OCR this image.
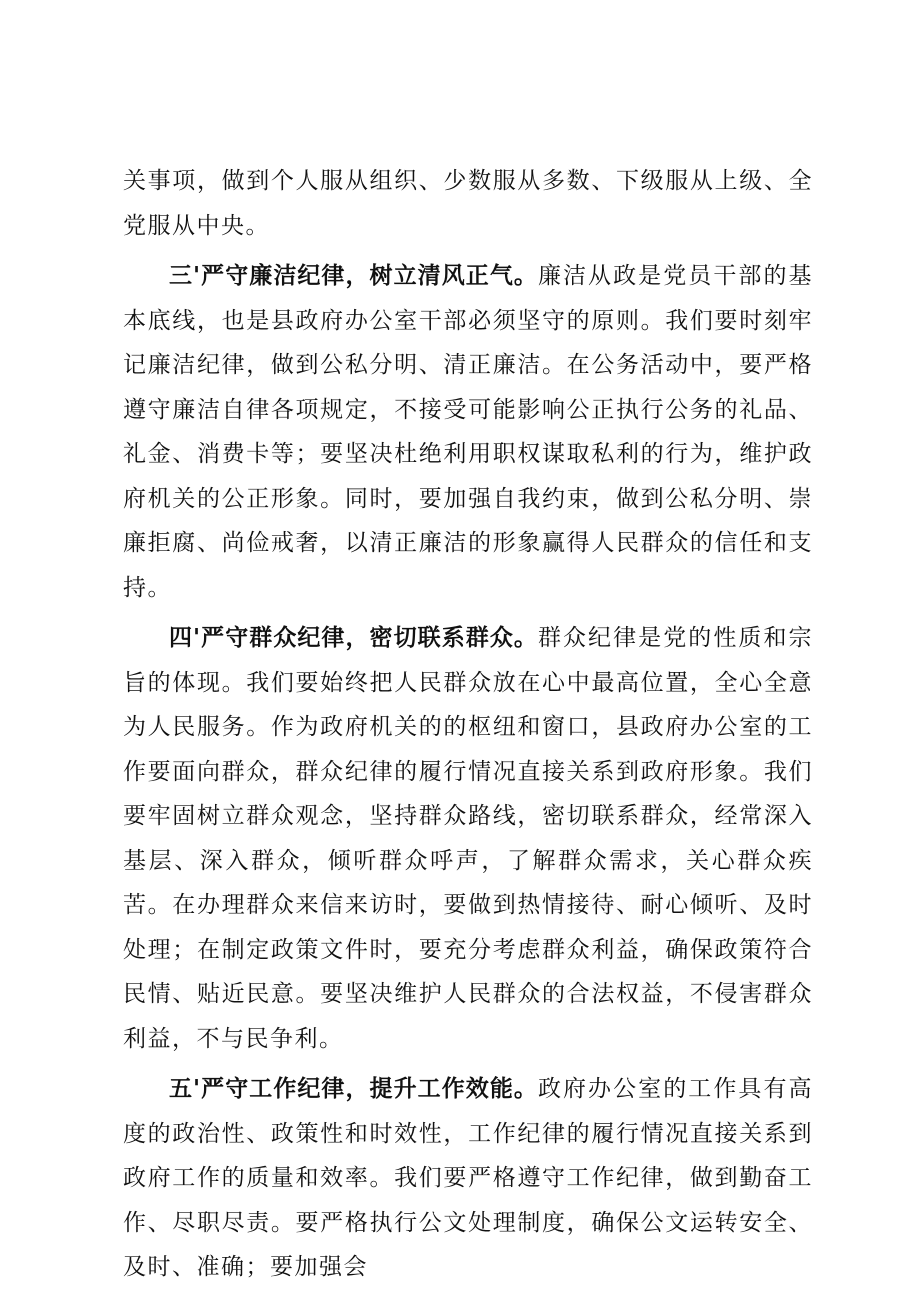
关事项，做到个人服从组织、少数服从多数、下级服从上级、全党服从中央。

三'严守廉洁纪律，树立清风正气。廉洁从政是党员干部的基本底线，也是县政府办公室干部必须坚守的原则。我们要时刻牢记廉洁纪律，做到公私分明、清正廉洁。在公务活动中，要严格遵守廉洁自律各项规定，不接受可能影响公正执行公务的礼品、礼金、消费卡等；要坚决杜绝利用职权谋取私利的行为，维护政府机关的公正形象。同时，要加强自我约束，做到公私分明、崇廉拒腐、尚俭戒奢，以清正廉洁的形象赢得人民群众的信任和支持。

四'严守群众纪律，密切联系群众。群众纪律是党的性质和宗旨的体现。我们要始终把人民群众放在心中最高位置，全心全意为人民服务。作为政府机关的的枢纽和窗口，县政府办公室的工作要面向群众，群众纪律的履行情况直接关系到政府形象。我们要牢固树立群众观念，坚持群众路线，密切联系群众，经常深入基层、深入群众，倾听群众呼声，了解群众需求，关心群众疾苦。在办理群众来信来访时，要做到热情接待、耐心倾听、及时处理；在制定政策文件时，要充分考虑群众利益，确保政策符合民情、贴近民意。要坚决维护人民群众的合法权益，不侵害群众利益，不与民争利。

五'严守工作纪律，提升工作效能。政府办公室的工作具有高度的政治性、政策性和时效性，工作纪律的履行情况直接关系到政府工作的质量和效率。我们要严格遵守工作纪律，做到勤奋工作、尽职尽责。要严格执行公文处理制度，确保公文运转安全、及时、准确；要加强会
